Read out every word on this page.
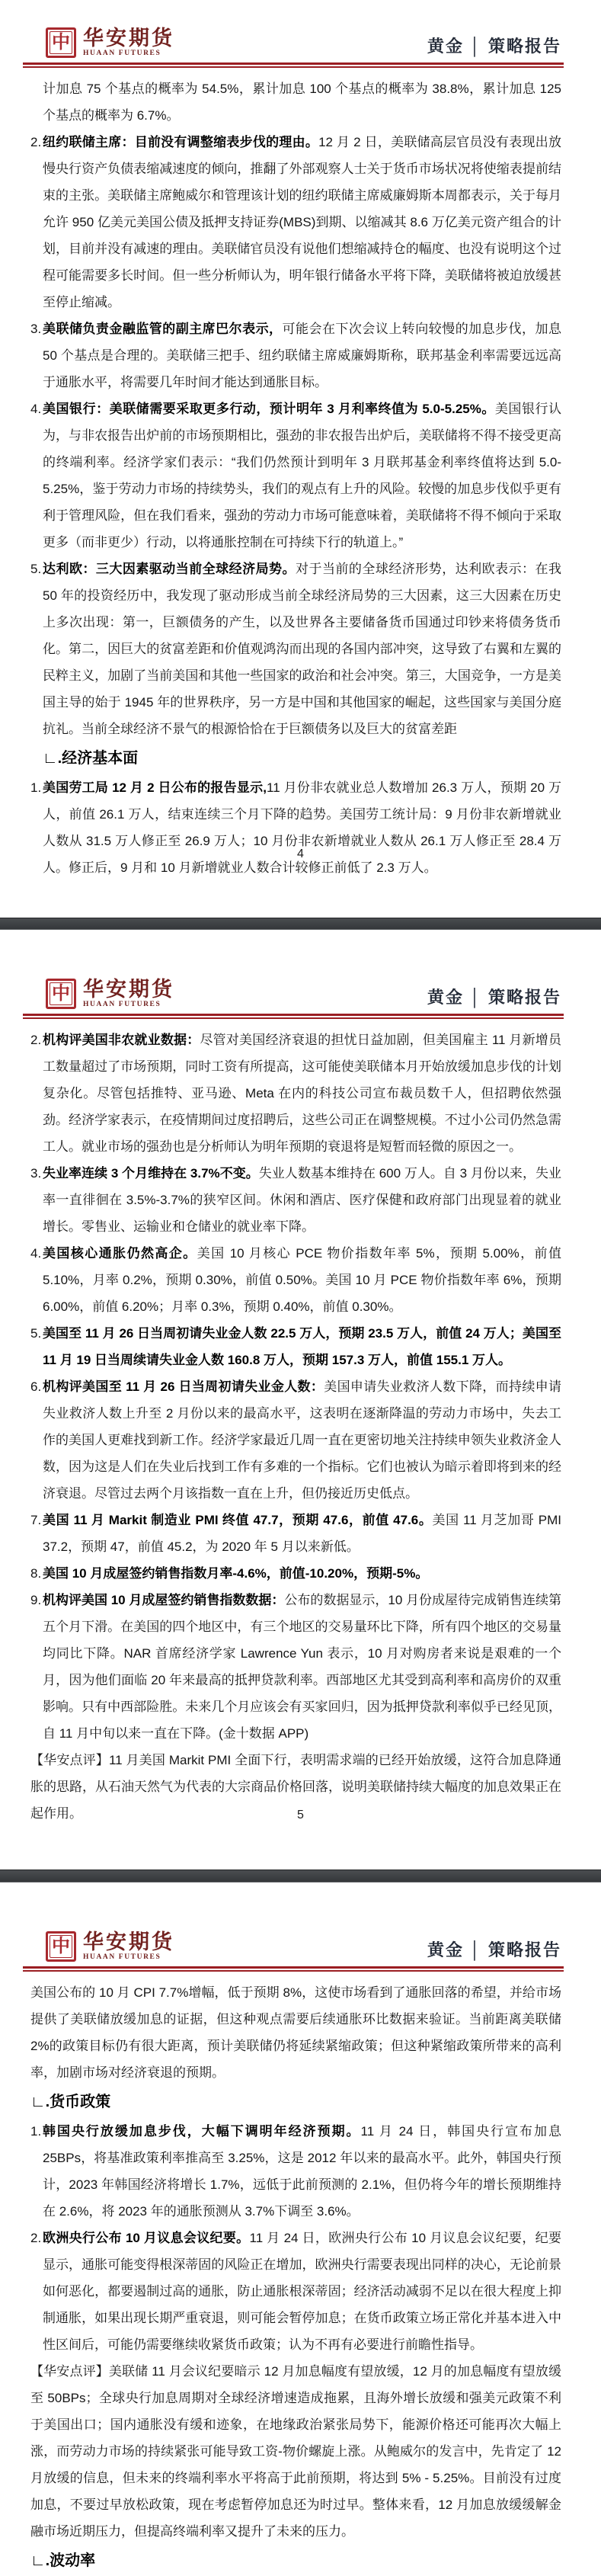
中 华安期货
HUAAN FUTURES	黄金 │ 策略报告

计加息 75 个基点的概率为 54.5%，累计加息 100 个基点的概率为 38.8%，累计加息 125 个基点的概率为 6.7%。

2. 纽约联储主席：目前没有调整缩表步伐的理由。12 月 2 日，美联储高层官员没有表现出放慢央行资产负债表缩减速度的倾向，推翻了外部观察人士关于货币市场状况将使缩表提前结束的主张。美联储主席鲍威尔和管理该计划的纽约联储主席威廉姆斯本周都表示，关于每月允许 950 亿美元美国公债及抵押支持证券(MBS)到期、以缩减其 8.6 万亿美元资产组合的计划，目前并没有减速的理由。美联储官员没有说他们想缩减持仓的幅度、也没有说明这个过程可能需要多长时间。但一些分析师认为，明年银行储备水平将下降，美联储将被迫放缓甚至停止缩减。

3. 美联储负责金融监管的副主席巴尔表示，可能会在下次会议上转向较慢的加息步伐，加息 50 个基点是合理的。美联储三把手、纽约联储主席威廉姆斯称，联邦基金利率需要远远高于通胀水平，将需要几年时间才能达到通胀目标。

4. 美国银行：美联储需要采取更多行动，预计明年 3 月利率终值为 5.0-5.25%。美国银行认为，与非农报告出炉前的市场预期相比，强劲的非农报告出炉后，美联储将不得不接受更高的终端利率。经济学家们表示：“我们仍然预计到明年 3 月联邦基金利率终值将达到 5.0-5.25%，鉴于劳动力市场的持续势头，我们的观点有上升的风险。较慢的加息步伐似乎更有利于管理风险，但在我们看来，强劲的劳动力市场可能意味着，美联储将不得不倾向于采取更多（而非更少）行动，以将通胀控制在可持续下行的轨道上。”

5. 达利欧：三大因素驱动当前全球经济局势。对于当前的全球经济形势，达利欧表示：在我 50 年的投资经历中，我发现了驱动形成当前全球经济局势的三大因素，这三大因素在历史上多次出现：第一，巨额债务的产生，以及世界各主要储备货币国通过印钞来将债务货币化。第二，因巨大的贫富差距和价值观鸿沟而出现的各国内部冲突，这导致了右翼和左翼的民粹主义，加剧了当前美国和其他一些国家的政治和社会冲突。第三，大国竞争，一方是美国主导的始于 1945 年的世界秩序，另一方是中国和其他国家的崛起，这些国家与美国分庭抗礼。当前全球经济不景气的根源恰恰在于巨额债务以及巨大的贫富差距

∟.经济基本面

1. 美国劳工局 12 月 2 日公布的报告显示,11 月份非农就业总人数增加 26.3 万人，预期 20 万人，前值 26.1 万人，结束连续三个月下降的趋势。美国劳工统计局：9 月份非农新增就业人数从 31.5 万人修正至 26.9 万人；10 月份非农新增就业人数从 26.1 万人修正至 28.4 万人。修正后，9 月和 10 月新增就业人数合计较修正前低了 2.3 万人。

4
中 华安期货
HUAAN FUTURES	黄金 │ 策略报告

2. 机构评美国非农就业数据：尽管对美国经济衰退的担忧日益加剧，但美国雇主 11 月新增员工数量超过了市场预期，同时工资有所提高，这可能使美联储本月开始放缓加息步伐的计划复杂化。尽管包括推特、亚马逊、Meta 在内的科技公司宣布裁员数千人，但招聘依然强劲。经济学家表示，在疫情期间过度招聘后，这些公司正在调整规模。不过小公司仍然急需工人。就业市场的强劲也是分析师认为明年预期的衰退将是短暂而轻微的原因之一。

3. 失业率连续 3 个月维持在 3.7%不变。失业人数基本维持在 600 万人。自 3 月份以来，失业率一直徘徊在 3.5%-3.7%的狭窄区间。休闲和酒店、医疗保健和政府部门出现显着的就业增长。零售业、运输业和仓储业的就业率下降。

4. 美国核心通胀仍然高企。美国 10 月核心 PCE 物价指数年率 5%，预期 5.00%，前值 5.10%，月率 0.2%，预期 0.30%，前值 0.50%。美国 10 月 PCE 物价指数年率 6%，预期 6.00%，前值 6.20%；月率 0.3%，预期 0.40%，前值 0.30%。

5. 美国至 11 月 26 日当周初请失业金人数 22.5 万人，预期 23.5 万人，前值 24 万人；美国至 11 月 19 日当周续请失业金人数 160.8 万人，预期 157.3 万人，前值 155.1 万人。

6. 机构评美国至 11 月 26 日当周初请失业金人数：美国申请失业救济人数下降，而持续申请失业救济人数上升至 2 月份以来的最高水平，这表明在逐渐降温的劳动力市场中，失去工作的美国人更难找到新工作。经济学家最近几周一直在更密切地关注持续申领失业救济金人数，因为这是人们在失业后找到工作有多难的一个指标。它们也被认为暗示着即将到来的经济衰退。尽管过去两个月该指数一直在上升，但仍接近历史低点。

7. 美国 11 月 Markit 制造业 PMI 终值 47.7，预期 47.6，前值 47.6。美国 11 月芝加哥 PMI 37.2，预期 47，前值 45.2，为 2020 年 5 月以来新低。

8. 美国 10 月成屋签约销售指数月率-4.6%，前值-10.20%，预期-5%。

9. 机构评美国 10 月成屋签约销售指数数据：公布的数据显示，10 月份成屋待完成销售连续第五个月下滑。在美国的四个地区中，有三个地区的交易量环比下降，所有四个地区的交易量均同比下降。NAR 首席经济学家 Lawrence Yun 表示，10 月对购房者来说是艰难的一个月，因为他们面临 20 年来最高的抵押贷款利率。西部地区尤其受到高利率和高房价的双重影响。只有中西部险胜。未来几个月应该会有买家回归，因为抵押贷款利率似乎已经见顶，自 11 月中旬以来一直在下降。(金十数据 APP)

【华安点评】11 月美国 Markit PMI 全面下行，表明需求端的已经开始放缓，这符合加息降通胀的思路，从石油天然气为代表的大宗商品价格回落，说明美联储持续大幅度的加息效果正在起作用。	5
中 华安期货
HUAAN FUTURES	黄金 │ 策略报告

美国公布的 10 月 CPI 7.7%增幅，低于预期 8%，这使市场看到了通胀回落的希望，并给市场提供了美联储放缓加息的证据，但这种观点需要后续通胀环比数据来验证。当前距离美联储 2%的政策目标仍有很大距离，预计美联储仍将延续紧缩政策；但这种紧缩政策所带来的高利率，加剧市场对经济衰退的预期。

∟.货币政策

1. 韩国央行放缓加息步伐，大幅下调明年经济预期。11 月 24 日，韩国央行宣布加息 25BPs，将基准政策利率推高至 3.25%，这是 2012 年以来的最高水平。此外，韩国央行预计，2023 年韩国经济将增长 1.7%，远低于此前预测的 2.1%，但仍将今年的增长预期维持在 2.6%，将 2023 年的通胀预测从 3.7%下调至 3.6%。

2. 欧洲央行公布 10 月议息会议纪要。11 月 24 日，欧洲央行公布 10 月议息会议纪要，纪要显示，通胀可能变得根深蒂固的风险正在增加，欧洲央行需要表现出同样的决心，无论前景如何恶化，都要遏制过高的通胀，防止通胀根深蒂固；经济活动减弱不足以在很大程度上抑制通胀，如果出现长期严重衰退，则可能会暂停加息；在货币政策立场正常化并基本进入中性区间后，可能仍需要继续收紧货币政策；认为不再有必要进行前瞻性指导。

【华安点评】美联储 11 月会议纪要暗示 12 月加息幅度有望放缓，12 月的加息幅度有望放缓至 50BPs；全球央行加息周期对全球经济增速造成拖累，且海外增长放缓和强美元政策不利于美国出口；国内通胀没有缓和迹象，在地缘政治紧张局势下，能源价格还可能再次大幅上涨，而劳动力市场的持续紧张可能导致工资-物价螺旋上涨。从鲍威尔的发言中，先肯定了 12 月放缓的信息，但未来的终端利率水平将高于此前预期，将达到 5% - 5.25%。目前没有过度加息，不要过早放松政策，现在考虑暂停加息还为时过早。整体来看，12 月加息放缓缓解金融市场近期压力，但提高终端利率又提升了未来的压力。

∟.波动率
